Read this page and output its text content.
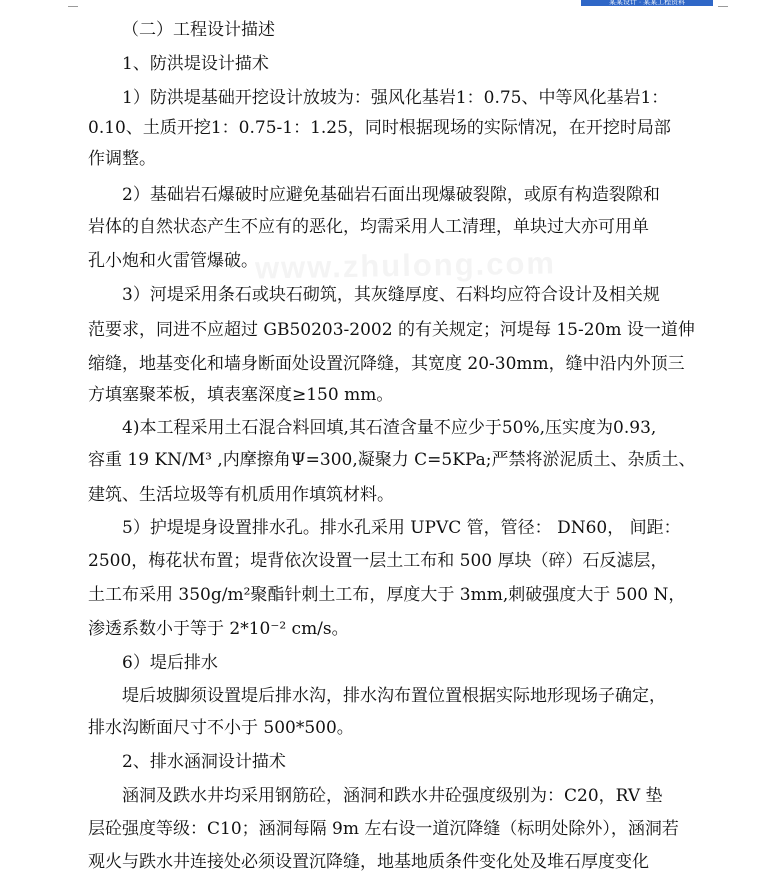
某某设计 · 某某工程资料
www.zhulong.com
（二）工程设计描述
1、防洪堤设计描术
1）防洪堤基础开挖设计放坡为：强风化基岩1：0.75、中等风化基岩1：
0.10、土质开挖1：0.75-1：1.25，同时根据现场的实际情况，在开挖时局部
作调整。
2）基础岩石爆破时应避免基础岩石面出现爆破裂隙，或原有构造裂隙和
岩体的自然状态产生不应有的恶化，均需采用人工清理，单块过大亦可用单
孔小炮和火雷管爆破。
3）河堤采用条石或块石砌筑，其灰缝厚度、石料均应符合设计及相关规
范要求，同进不应超过 GB50203-2002 的有关规定；河堤每 15-20m 设一道伸
缩缝，地基变化和墙身断面处设置沉降缝，其宽度 20-30mm，缝中沿内外顶三
方填塞聚苯板，填表塞深度≥150 mm。
4)本工程采用土石混合料回填,其石渣含量不应少于50%,压实度为0.93,
容重 19 KN/M³ ,内摩擦角Ψ=300,凝聚力 C=5KPa;严禁将淤泥质土、杂质土、
建筑、生活垃圾等有机质用作填筑材料。
5）护堤堤身设置排水孔。排水孔采用 UPVC 管，管径： DN60， 间距：
2500，梅花状布置；堤背依次设置一层土工布和 500 厚块（碎）石反滤层，
土工布采用 350g/m²聚酯针刺土工布，厚度大于 3mm,刺破强度大于 500 N，
渗透系数小于等于 2*10⁻² cm/s。
6）堤后排水
堤后坡脚须设置堤后排水沟，排水沟布置位置根据实际地形现场子确定，
排水沟断面尺寸不小于 500*500。
2、排水涵洞设计描术
涵洞及跌水井均采用钢筋砼，涵洞和跌水井砼强度级别为：C20，RV 垫
层砼强度等级：C10；涵洞每隔 9m 左右设一道沉降缝（标明处除外），涵洞若
观火与跌水井连接处必须设置沉降缝，地基地质条件变化处及堆石厚度变化
